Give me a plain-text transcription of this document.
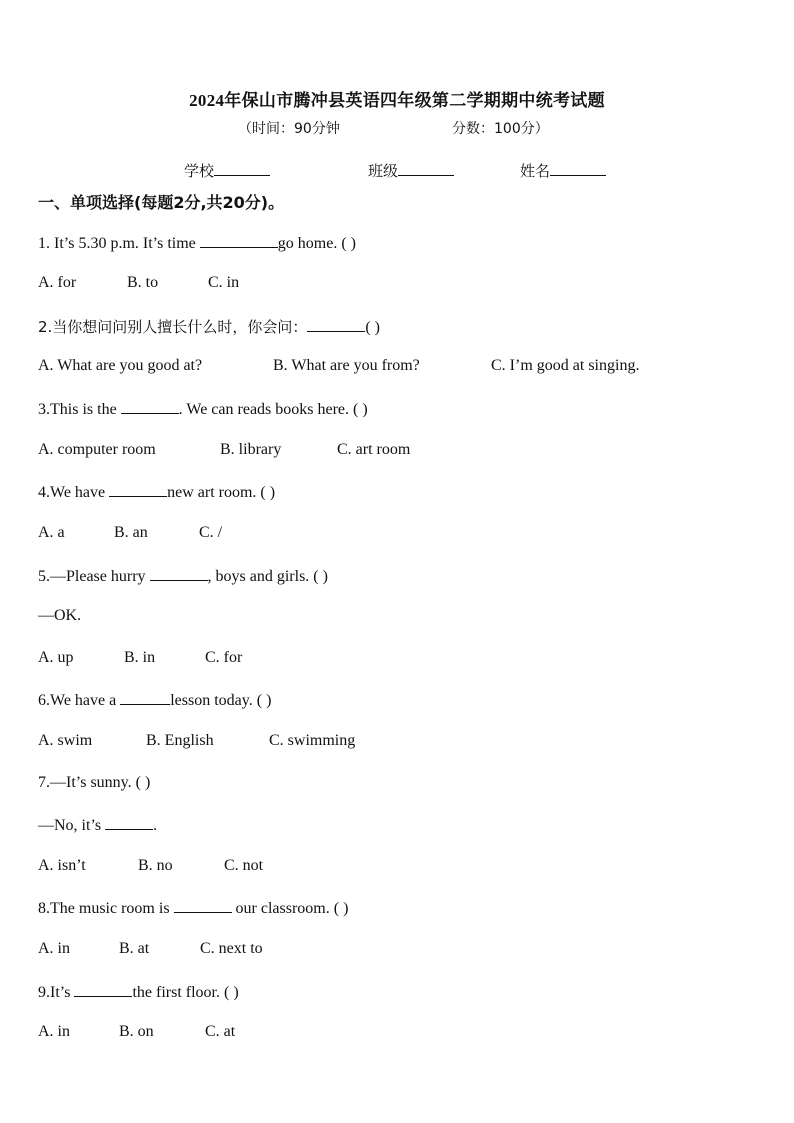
2024年保山市腾冲县英语四年级第二学期期中统考试题
（时间：90分钟	分数：100分）
学校	班级	姓名
一、单项选择(每题2分,共20分)。
1. It’s 5.30 p.m. It’s time	go home. ( )
A. for	B. to	C. in
2.当你想问问别人擅长什么时，你会问：	( )
A. What are you good at?	B. What are you from?	C. I’m good at singing.
3.This is the	. We can reads books here. ( )
A. computer room	B. library	C. art room
4.We have	new art room. ( )
A. a	B. an	C. /
5.—Please hurry	, boys and girls. ( )
—OK.
A. up	B. in	C. for
6.We have a	lesson today. ( )
A. swim	B. English	C. swimming
7.—It’s sunny. ( )
—No, it’s	.
A. isn’t	B. no	C. not
8.The music room is	our classroom. ( )
A. in	B. at	C. next to
9.It’s	the first floor. ( )
A. in	B. on	C. at
